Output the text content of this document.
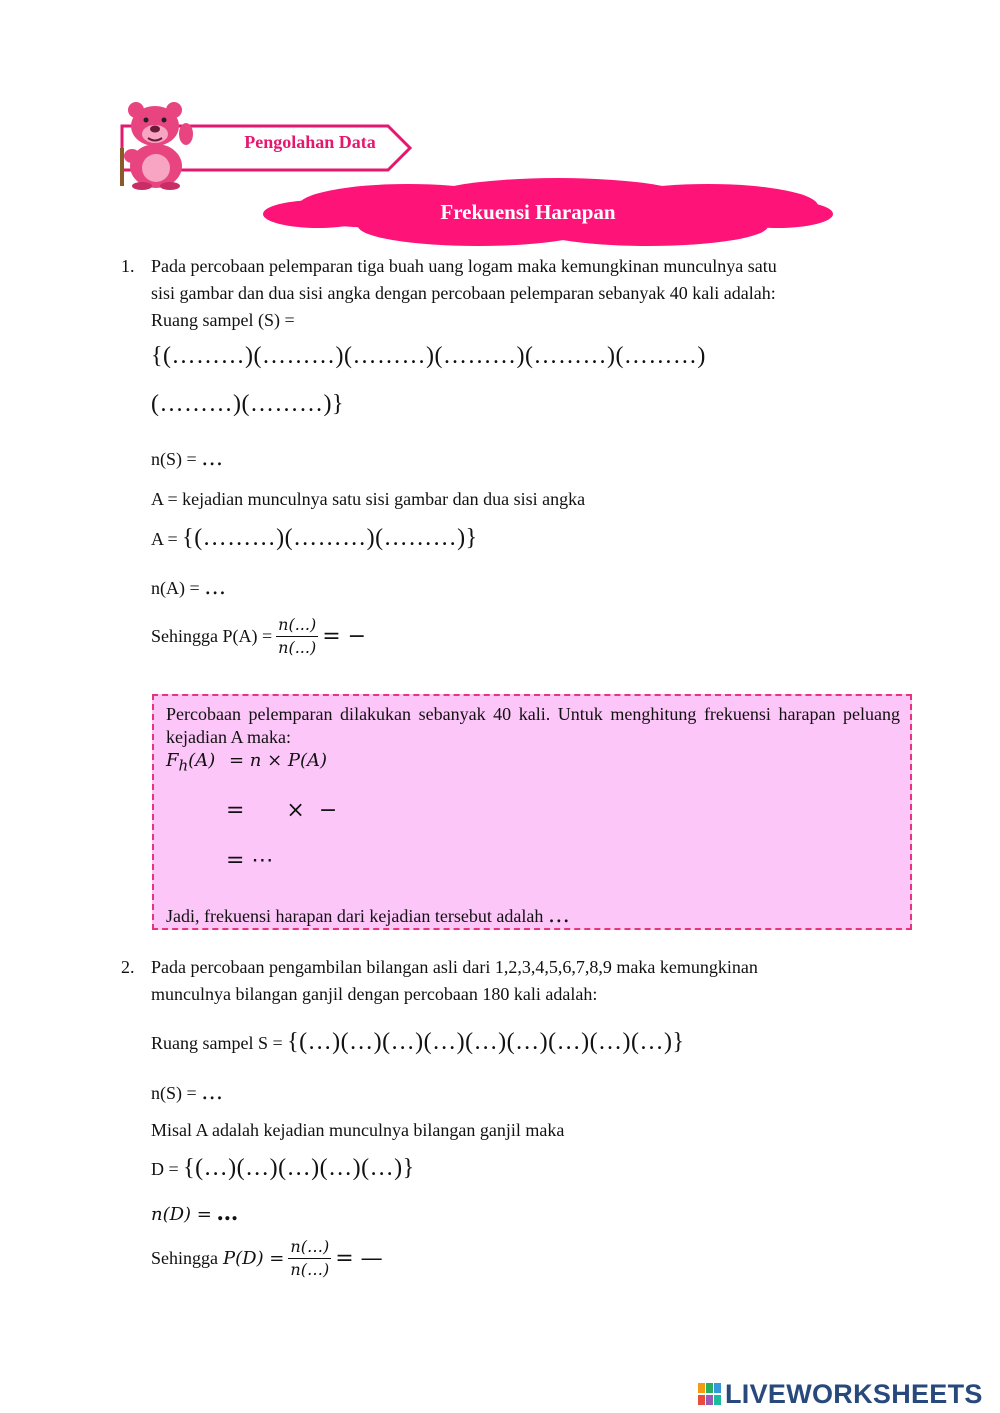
Pengolahan Data
Frekuensi Harapan
1. Pada percobaan pelemparan tiga buah uang logam maka kemungkinan munculnya satu
sisi gambar dan dua sisi angka dengan percobaan pelemparan sebanyak 40 kali adalah:
Ruang sampel (S) =
{(………)(………)(………)(………)(………)(………)
(………)(………)}
n(S) = …
A = kejadian munculnya satu sisi gambar dan dua sisi angka
A = {(………)(………)(………)}
n(A) = …
Sehingga $P(A) = \frac{n(...)}{n(...)}$ = −
Percobaan pelemparan dilakukan sebanyak 40 kali. Untuk menghitung frekuensi harapan peluang kejadian A maka:
$F_h(A) = n \times P(A)$
=      ×  −
= ⋯
Jadi, frekuensi harapan dari kejadian tersebut adalah …
2. Pada percobaan pengambilan bilangan asli dari 1,2,3,4,5,6,7,8,9 maka kemungkinan
munculnya bilangan ganjil dengan percobaan 180 kali adalah:
Ruang sampel S = {(…)(…)(…)(…)(…)(…)(…)(…)(…)}
n(S) = …
Misal A adalah kejadian munculnya bilangan ganjil maka
D = {(…)(…)(…)(…)(…)}
n(D) = …
Sehingga $P(D) = \frac{n(\dots)}{n(\dots)}$ = —
LIVEWORKSHEETS
